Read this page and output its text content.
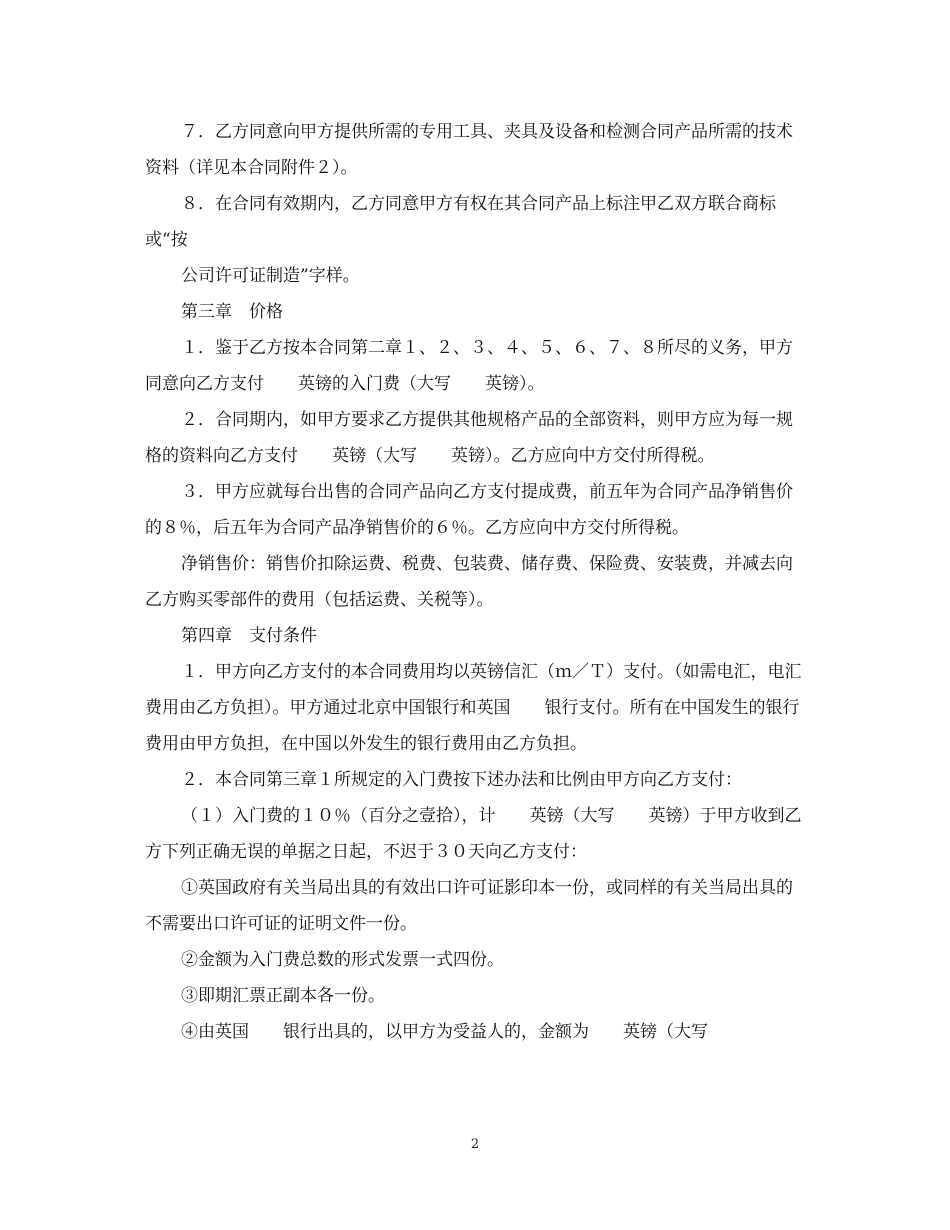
７．乙方同意向甲方提供所需的专用工具、夹具及设备和检测合同产品所需的技术资料（详见本合同附件２）。

８．在合同有效期内，乙方同意甲方有权在其合同产品上标注甲乙双方联合商标或“按

公司许可证制造”字样。

第三章　价格

１．鉴于乙方按本合同第二章１、２、３、４、５、６、７、８所尽的义务，甲方同意向乙方支付　　英镑的入门费（大写　　英镑）。

２．合同期内，如甲方要求乙方提供其他规格产品的全部资料，则甲方应为每一规格的资料向乙方支付　　英镑（大写　　英镑）。乙方应向中方交付所得税。

３．甲方应就每台出售的合同产品向乙方支付提成费，前五年为合同产品净销售价的８％，后五年为合同产品净销售价的６％。乙方应向中方交付所得税。

净销售价：销售价扣除运费、税费、包装费、储存费、保险费、安装费，并减去向乙方购买零部件的费用（包括运费、关税等）。

第四章　支付条件

１．甲方向乙方支付的本合同费用均以英镑信汇（ｍ／Ｔ）支付。（如需电汇，电汇费用由乙方负担）。甲方通过北京中国银行和英国　　银行支付。所有在中国发生的银行费用由甲方负担，在中国以外发生的银行费用由乙方负担。

２．本合同第三章１所规定的入门费按下述办法和比例由甲方向乙方支付：

（１）入门费的１０％（百分之壹拾），计　　英镑（大写　　英镑）于甲方收到乙方下列正确无误的单据之日起，不迟于３０天向乙方支付：

①英国政府有关当局出具的有效出口许可证影印本一份，或同样的有关当局出具的不需要出口许可证的证明文件一份。

②金额为入门费总数的形式发票一式四份。

③即期汇票正副本各一份。

④由英国　　银行出具的，以甲方为受益人的，金额为　　英镑（大写

2
